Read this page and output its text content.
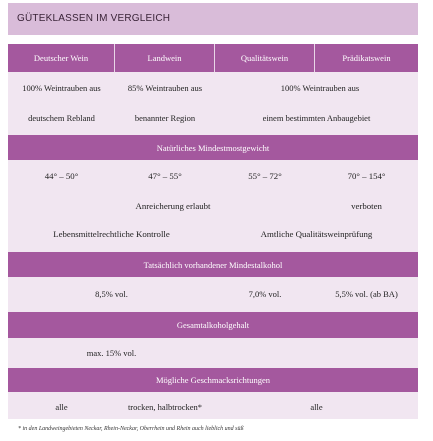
GÜTEKLASSEN IM VERGLEICH
Deutscher Wein	Landwein	Qualitätswein	Prädikatswein
100% Weintrauben aus	85% Weintrauben aus	100% Weintrauben aus
deutschem Rebland	benannter Region	einem bestimmten Anbaugebiet
Natürliches Mindestmostgewicht
44° – 50°	47° – 55°	55° – 72°	70° – 154°
Anreicherung erlaubt	verboten
Lebensmittelrechtliche Kontrolle	Amtliche Qualitätsweinprüfung
Tatsächlich vorhandener Mindestalkohol
8,5% vol.	7,0% vol.	5,5% vol. (ab BA)
Gesamtalkoholgehalt
max. 15% vol.
Mögliche Geschmacksrichtungen
alle	trocken, halbtrocken*	alle
* in den Landweingebieten Neckar, Rhein-Neckar, Oberrhein und Rhein auch lieblich und süß
